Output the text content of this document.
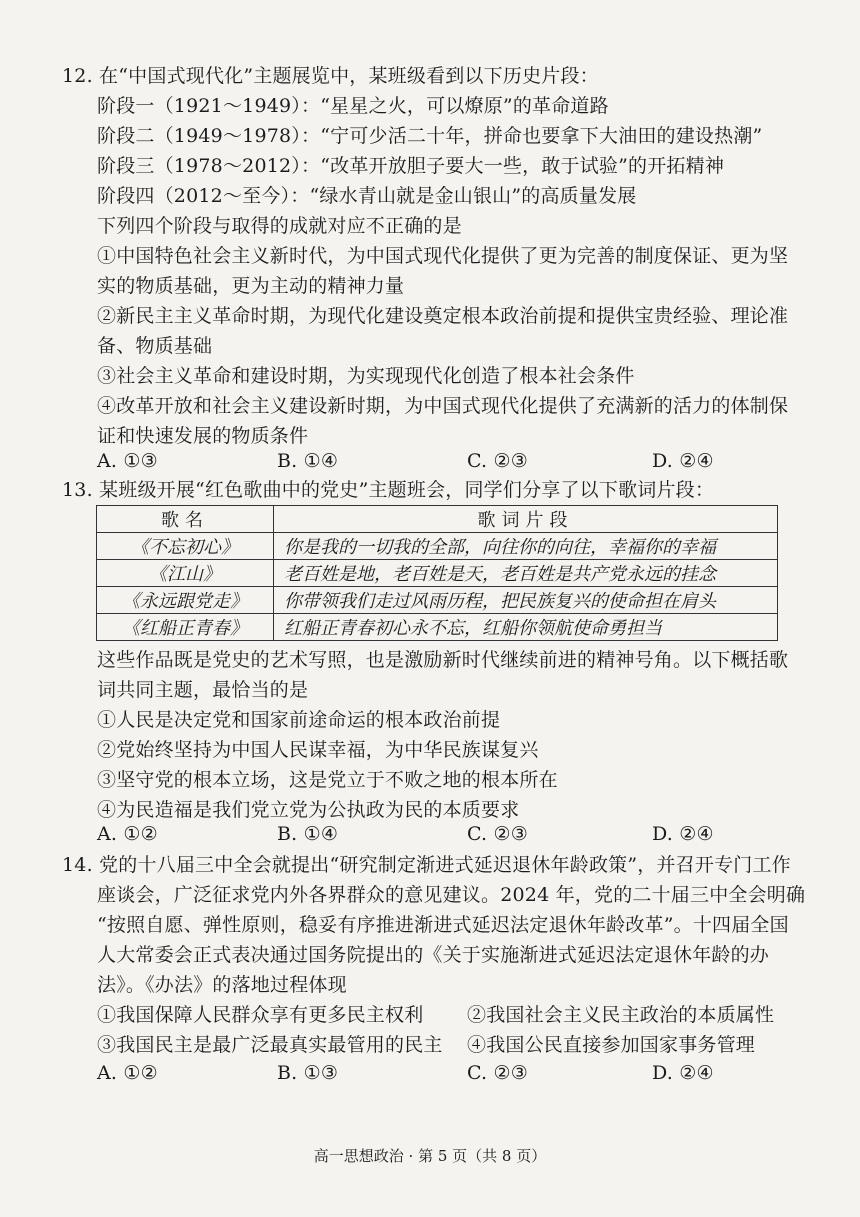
12. 在“中国式现代化”主题展览中，某班级看到以下历史片段：
阶段一（1921～1949）：“星星之火，可以燎原”的革命道路
阶段二（1949～1978）：“宁可少活二十年，拼命也要拿下大油田的建设热潮”
阶段三（1978～2012）：“改革开放胆子要大一些，敢于试验”的开拓精神
阶段四（2012～至今）：“绿水青山就是金山银山”的高质量发展
下列四个阶段与取得的成就对应不正确的是
①中国特色社会主义新时代，为中国式现代化提供了更为完善的制度保证、更为坚
实的物质基础，更为主动的精神力量
②新民主主义革命时期，为现代化建设奠定根本政治前提和提供宝贵经验、理论准
备、物质基础
③社会主义革命和建设时期，为实现现代化创造了根本社会条件
④改革开放和社会主义建设新时期，为中国式现代化提供了充满新的活力的体制保
证和快速发展的物质条件
A. ①③	B. ①④	C. ②③	D. ②④
13. 某班级开展“红色歌曲中的党史”主题班会，同学们分享了以下歌词片段：
歌名	歌词片段
《不忘初心》	你是我的一切我的全部，向往你的向往，幸福你的幸福
《江山》	老百姓是地，老百姓是天，老百姓是共产党永远的挂念
《永远跟党走》	你带领我们走过风雨历程，把民族复兴的使命担在肩头
《红船正青春》	红船正青春初心永不忘，红船你领航使命勇担当
这些作品既是党史的艺术写照，也是激励新时代继续前进的精神号角。以下概括歌
词共同主题，最恰当的是
①人民是决定党和国家前途命运的根本政治前提
②党始终坚持为中国人民谋幸福，为中华民族谋复兴
③坚守党的根本立场，这是党立于不败之地的根本所在
④为民造福是我们党立党为公执政为民的本质要求
A. ①②	B. ①④	C. ②③	D. ②④
14. 党的十八届三中全会就提出“研究制定渐进式延迟退休年龄政策”，并召开专门工作
座谈会，广泛征求党内外各界群众的意见建议。2024 年，党的二十届三中全会明确
“按照自愿、弹性原则，稳妥有序推进渐进式延迟法定退休年龄改革”。十四届全国
人大常委会正式表决通过国务院提出的《关于实施渐进式延迟法定退休年龄的办
法》。《办法》的落地过程体现
①我国保障人民群众享有更多民主权利 ②我国社会主义民主政治的本质属性
③我国民主是最广泛最真实最管用的民主 ④我国公民直接参加国家事务管理
A. ①②	B. ①③	C. ②③	D. ②④
高一思想政治 · 第 5 页（共 8 页）
